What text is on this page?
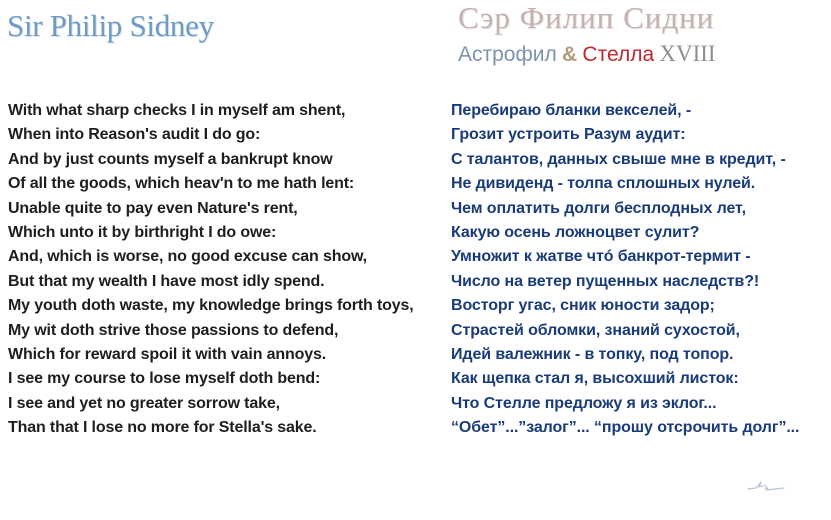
Sir Philip Sidney	Сэр Филип Сидни
Астрофил & Стелла XVIII
With what sharp checks I in myself am shent,
When into Reason's audit I do go:
And by just counts myself a bankrupt know
Of all the goods, which heav'n to me hath lent:
Unable quite to pay even Nature's rent,
Which unto it by birthright I do owe:
And, which is worse, no good excuse can show,
But that my wealth I have most idly spend.
My youth doth waste, my knowledge brings forth toys,
My wit doth strive those passions to defend,
Which for reward spoil it with vain annoys.
I see my course to lose myself doth bend:
I see and yet no greater sorrow take,
Than that I lose no more for Stella's sake.
Перебираю бланки векселей, -
Грозит устроить Разум аудит:
С талантов, данных свыше мне в кредит, -
Не дивиденд - толпа сплошных нулей.
Чем оплатить долги бесплодных лет,
Какую осень ложноцвет сулит?
Умножит к жатве чтó банкрот-термит -
Число на ветер пущенных наследств?!
Восторг угас, сник юности задор;
Страстей обломки, знаний сухостой,
Идей валежник - в топку, под топор.
Как щепка стал я, высохший листок:
Что Стелле предложу я из эклог...
“Обет”...”залог”... “прошу отсрочить долг”...
